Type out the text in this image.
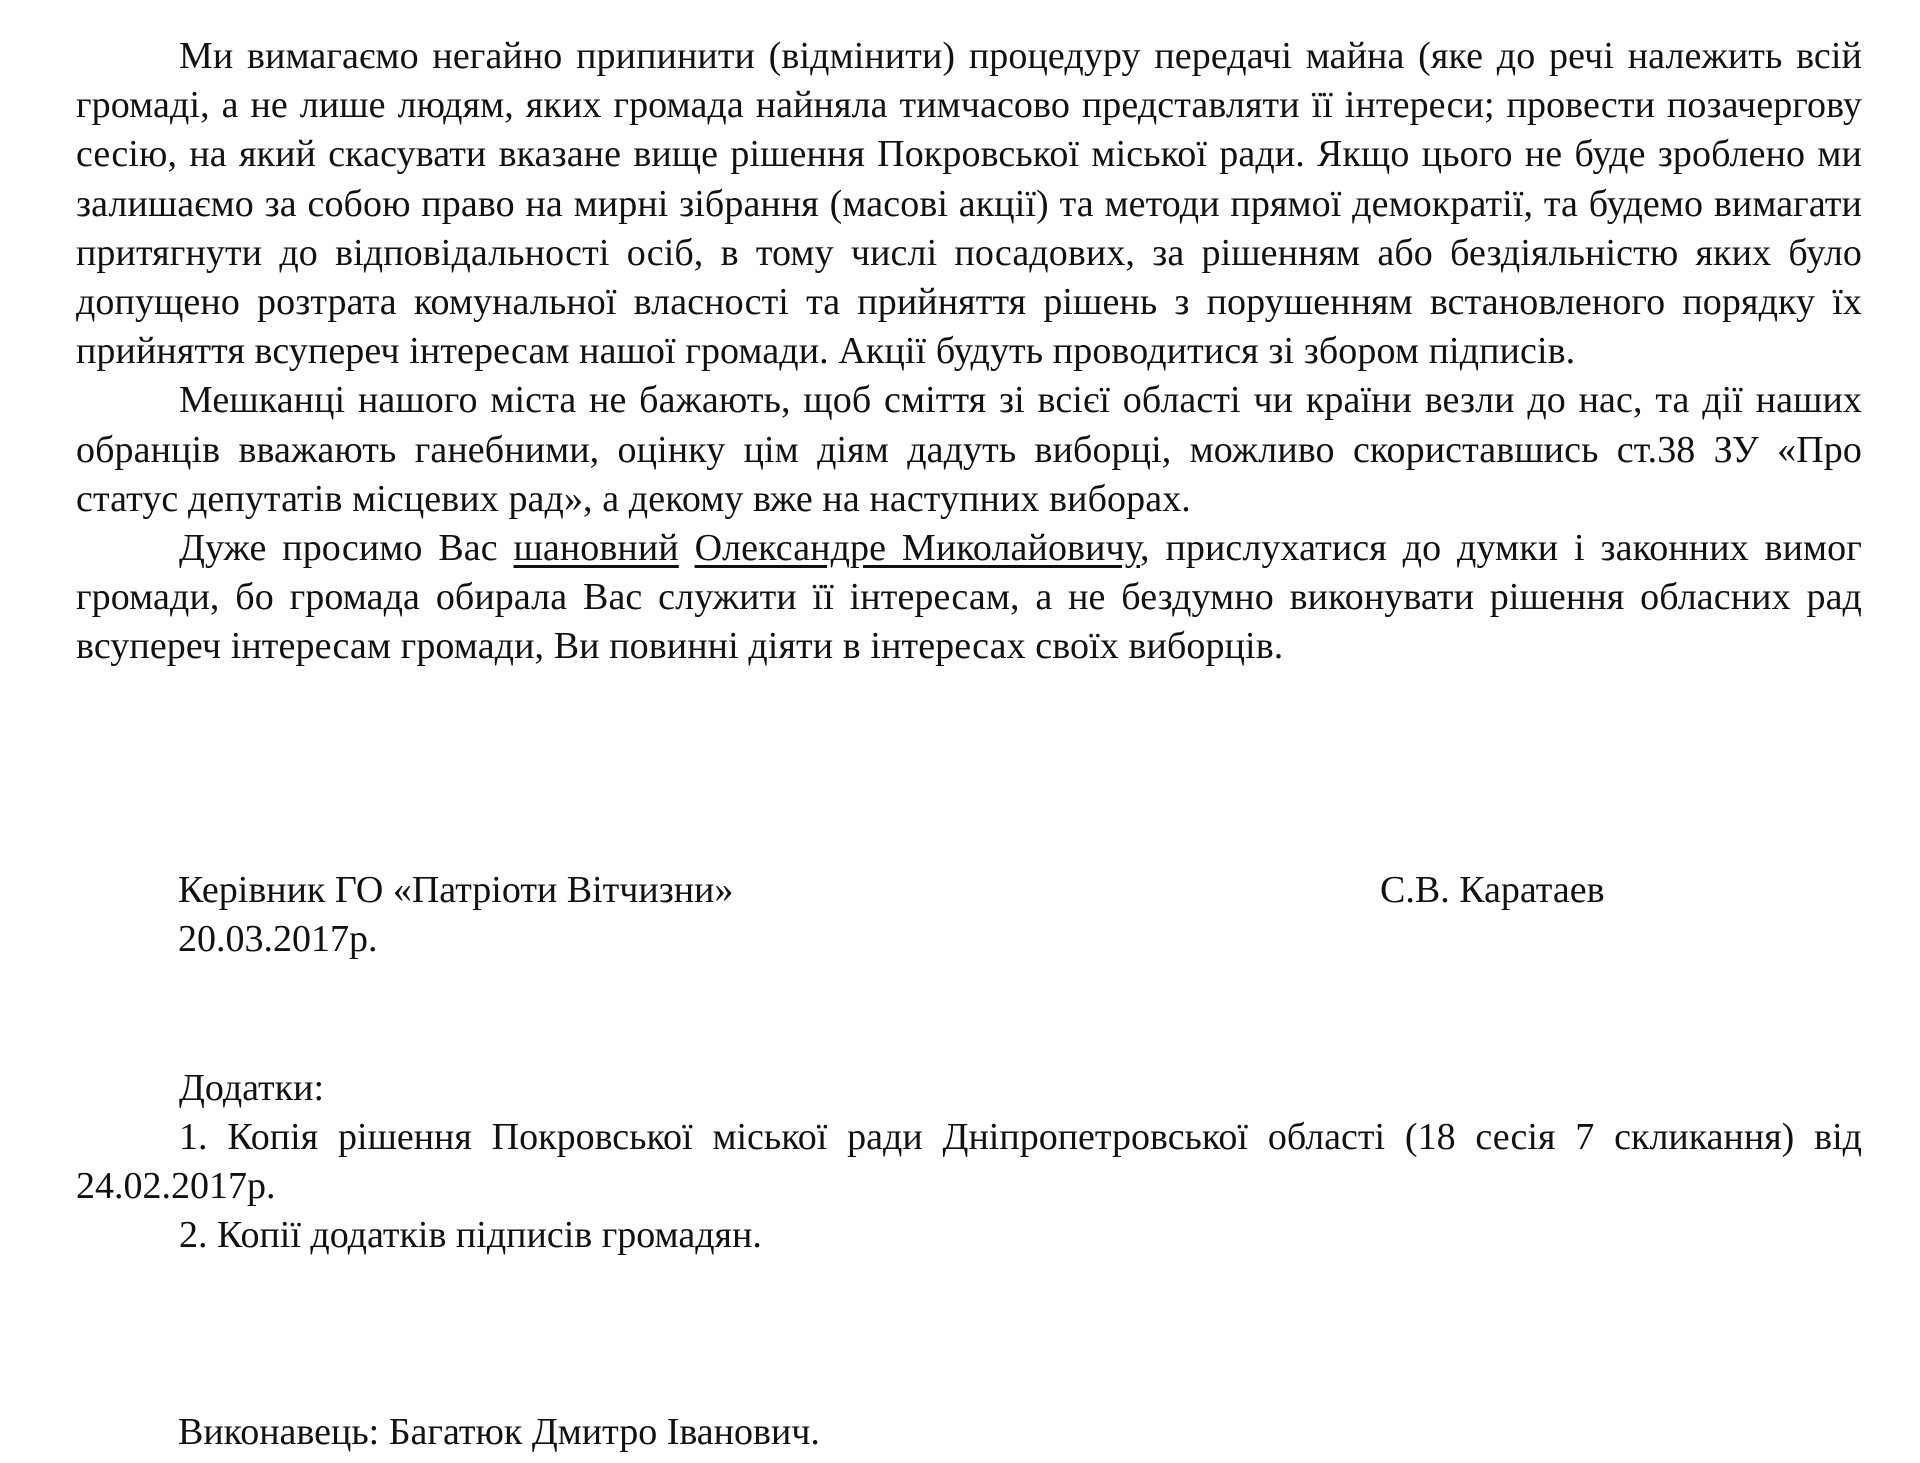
Ми вимагаємо негайно припинити (відмінити) процедуру передачі майна (яке до речі належить всій громаді, а не лише людям, яких громада найняла тимчасово представляти її інтереси; провести позачергову сесію, на який скасувати вказане вище рішення Покровської міської ради. Якщо цього не буде зроблено ми залишаємо за собою право на мирні зібрання (масові акції) та методи прямої демократії, та будемо вимагати притягнути до відповідальності осіб, в тому числі посадових, за рішенням або бездіяльністю яких було допущено розтрата комунальної власності та прийняття рішень з порушенням встановленого порядку їх прийняття всупереч інтересам нашої громади. Акції будуть проводитися зі збором підписів.

Мешканці нашого міста не бажають, щоб сміття зі всієї області чи країни везли до нас, та дії наших обранців вважають ганебними, оцінку цім діям дадуть виборці, можливо скориставшись ст.38 ЗУ «Про статус депутатів місцевих рад», а декому вже на наступних виборах.

Дуже просимо Вас шановний Олександре Миколайовичу, прислухатися до думки і законних вимог громади, бо громада обирала Вас служити її інтересам, а не бездумно виконувати рішення обласних рад всупереч інтересам громади, Ви повинні діяти в інтересах своїх виборців.

Керівник ГО «Патріоти Вітчизни»	С.В. Каратаев

20.03.2017р.

Додатки:

1. Копія рішення Покровської міської ради Дніпропетровської області (18 сесія 7 скликання) від 24.02.2017р.

2. Копії додатків підписів громадян.

Виконавець: Багатюк Дмитро Іванович.
